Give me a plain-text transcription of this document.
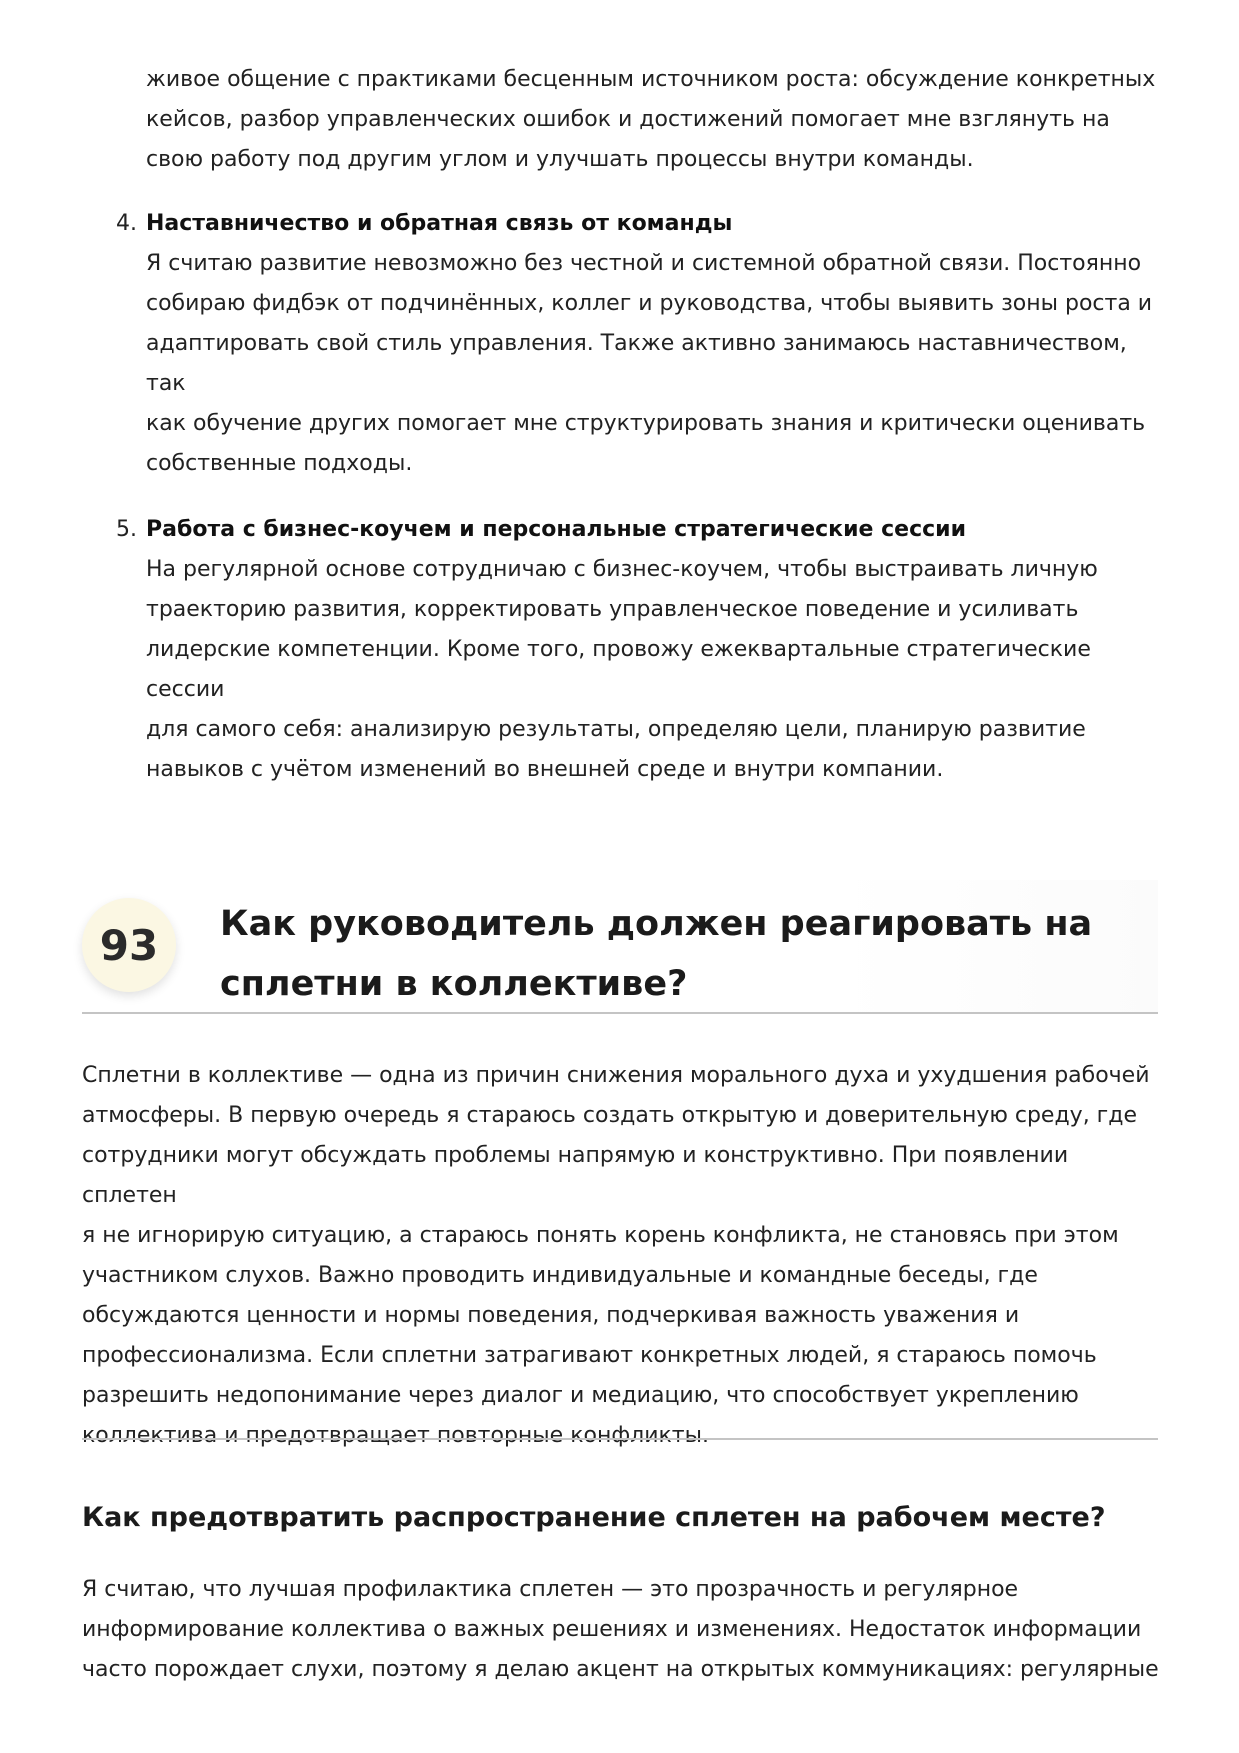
живое общение с практиками бесценным источником роста: обсуждение конкретных
кейсов, разбор управленческих ошибок и достижений помогает мне взглянуть на
свою работу под другим углом и улучшать процессы внутри команды.

4. Наставничество и обратная связь от команды
Я считаю развитие невозможно без честной и системной обратной связи. Постоянно
собираю фидбэк от подчинённых, коллег и руководства, чтобы выявить зоны роста и
адаптировать свой стиль управления. Также активно занимаюсь наставничеством, так
как обучение других помогает мне структурировать знания и критически оценивать
собственные подходы.
5. Работа с бизнес-коучем и персональные стратегические сессии
На регулярной основе сотрудничаю с бизнес-коучем, чтобы выстраивать личную
траекторию развития, корректировать управленческое поведение и усиливать
лидерские компетенции. Кроме того, провожу ежеквартальные стратегические сессии
для самого себя: анализирую результаты, определяю цели, планирую развитие
навыков с учётом изменений во внешней среде и внутри компании.
93	Как руководитель должен реагировать на
сплетни в коллективе?

Сплетни в коллективе — одна из причин снижения морального духа и ухудшения рабочей
атмосферы. В первую очередь я стараюсь создать открытую и доверительную среду, где
сотрудники могут обсуждать проблемы напрямую и конструктивно. При появлении сплетен
я не игнорирую ситуацию, а стараюсь понять корень конфликта, не становясь при этом
участником слухов. Важно проводить индивидуальные и командные беседы, где
обсуждаются ценности и нормы поведения, подчеркивая важность уважения и
профессионализма. Если сплетни затрагивают конкретных людей, я стараюсь помочь
разрешить недопонимание через диалог и медиацию, что способствует укреплению
коллектива и предотвращает повторные конфликты.

Как предотвратить распространение сплетен на рабочем месте?

Я считаю, что лучшая профилактика сплетен — это прозрачность и регулярное
информирование коллектива о важных решениях и изменениях. Недостаток информации
часто порождает слухи, поэтому я делаю акцент на открытых коммуникациях: регулярные
